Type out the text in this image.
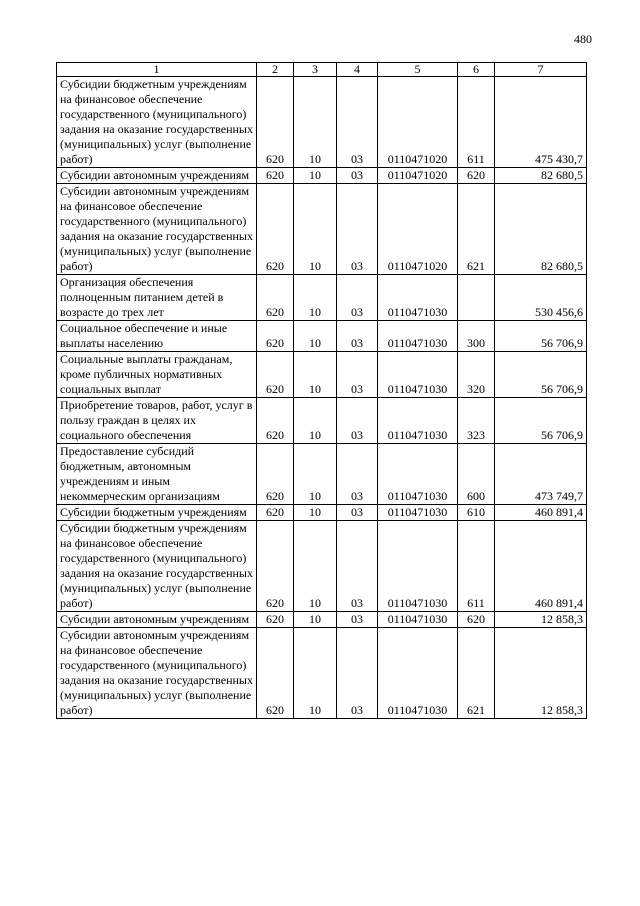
480
1	2	3	4	5	6	7
Субсидии бюджетным учреждениям на финансовое обеспечение государственного (муниципального) задания на оказание государственных (муниципальных) услуг (выполнение работ)	620	10	03	0110471020	611	475 430,7
Субсидии автономным учреждениям	620	10	03	0110471020	620	82 680,5
Субсидии автономным учреждениям на финансовое обеспечение государственного (муниципального) задания на оказание государственных (муниципальных) услуг (выполнение работ)	620	10	03	0110471020	621	82 680,5
Организация обеспечения полноценным питанием детей в возрасте до трех лет	620	10	03	0110471030		530 456,6
Социальное обеспечение и иные выплаты населению	620	10	03	0110471030	300	56 706,9
Социальные выплаты гражданам, кроме публичных нормативных социальных выплат	620	10	03	0110471030	320	56 706,9
Приобретение товаров, работ, услуг в пользу граждан в целях их социального обеспечения	620	10	03	0110471030	323	56 706,9
Предоставление субсидий бюджетным, автономным учреждениям и иным некоммерческим организациям	620	10	03	0110471030	600	473 749,7
Субсидии бюджетным учреждениям	620	10	03	0110471030	610	460 891,4
Субсидии бюджетным учреждениям на финансовое обеспечение государственного (муниципального) задания на оказание государственных (муниципальных) услуг (выполнение работ)	620	10	03	0110471030	611	460 891,4
Субсидии автономным учреждениям	620	10	03	0110471030	620	12 858,3
Субсидии автономным учреждениям на финансовое обеспечение государственного (муниципального) задания на оказание государственных (муниципальных) услуг (выполнение работ)	620	10	03	0110471030	621	12 858,3
